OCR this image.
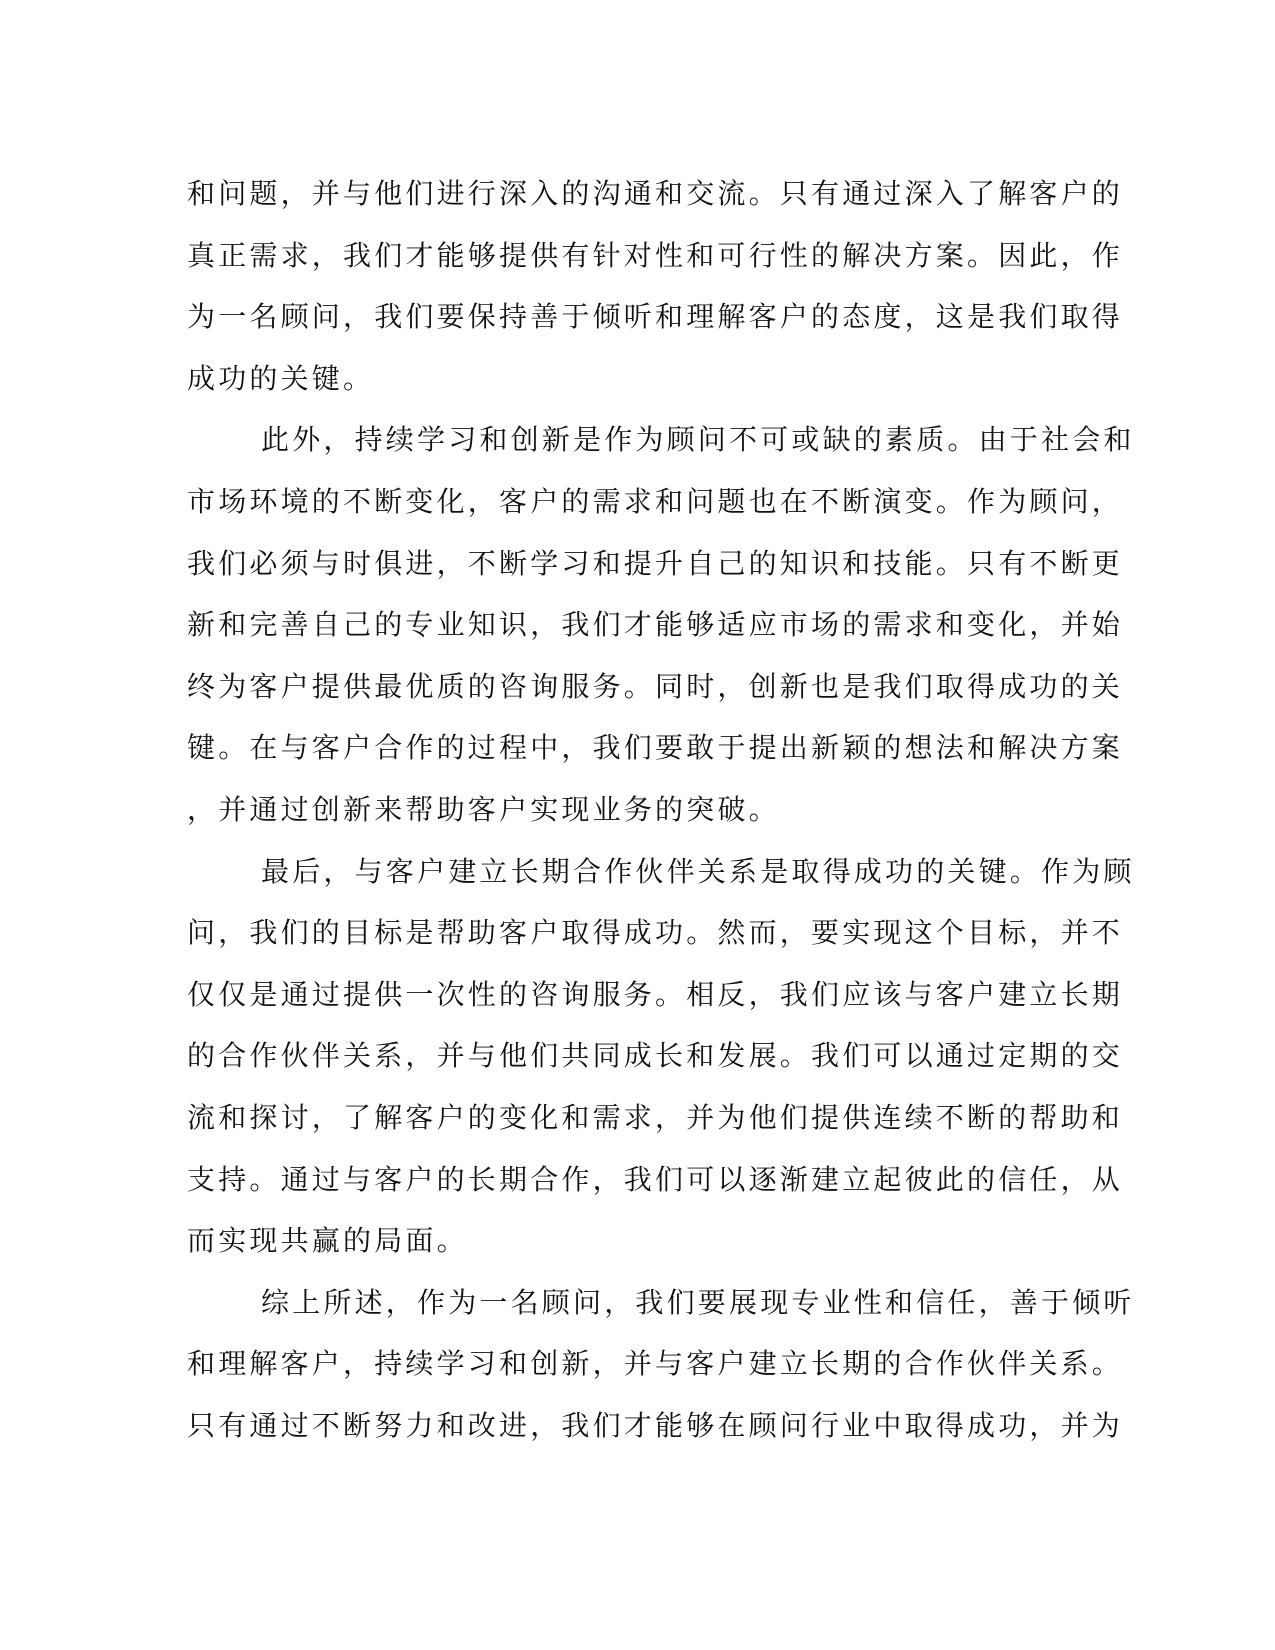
和问题，并与他们进行深入的沟通和交流。只有通过深入了解客户的
真正需求，我们才能够提供有针对性和可行性的解决方案。因此，作
为一名顾问，我们要保持善于倾听和理解客户的态度，这是我们取得
成功的关键。
此外，持续学习和创新是作为顾问不可或缺的素质。由于社会和
市场环境的不断变化，客户的需求和问题也在不断演变。作为顾问，
我们必须与时俱进，不断学习和提升自己的知识和技能。只有不断更
新和完善自己的专业知识，我们才能够适应市场的需求和变化，并始
终为客户提供最优质的咨询服务。同时，创新也是我们取得成功的关
键。在与客户合作的过程中，我们要敢于提出新颖的想法和解决方案
，并通过创新来帮助客户实现业务的突破。
最后，与客户建立长期合作伙伴关系是取得成功的关键。作为顾
问，我们的目标是帮助客户取得成功。然而，要实现这个目标，并不
仅仅是通过提供一次性的咨询服务。相反，我们应该与客户建立长期
的合作伙伴关系，并与他们共同成长和发展。我们可以通过定期的交
流和探讨，了解客户的变化和需求，并为他们提供连续不断的帮助和
支持。通过与客户的长期合作，我们可以逐渐建立起彼此的信任，从
而实现共赢的局面。
综上所述，作为一名顾问，我们要展现专业性和信任，善于倾听
和理解客户，持续学习和创新，并与客户建立长期的合作伙伴关系。
只有通过不断努力和改进，我们才能够在顾问行业中取得成功，并为
